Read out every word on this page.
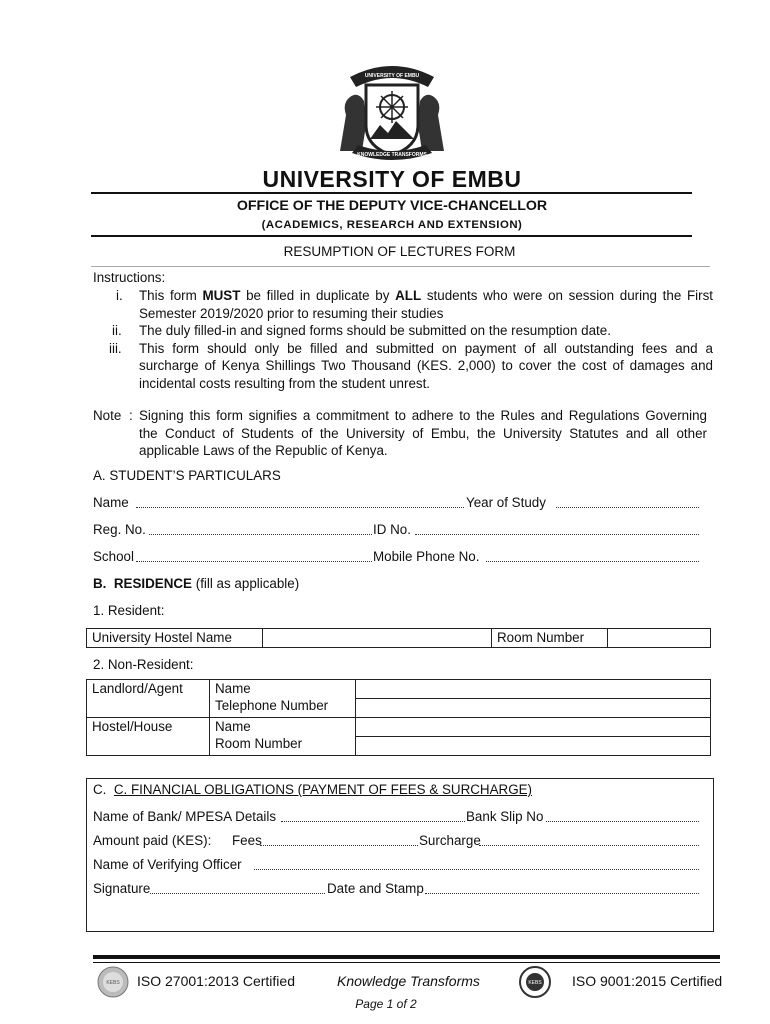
UNIVERSITY OF EMBU
KNOWLEDGE TRANSFORMS
UNIVERSITY OF EMBU
OFFICE OF THE DEPUTY VICE-CHANCELLOR
(ACADEMICS, RESEARCH AND EXTENSION)
RESUMPTION OF LECTURES FORM
Instructions:
i. This form MUST be filled in duplicate by ALL students who were on session during the First
Semester 2019/2020 prior to resuming their studies
ii. The duly filled-in and signed forms should be submitted on the resumption date.
iii. This form should only be filled and submitted on payment of all outstanding fees and a
surcharge of Kenya Shillings Two Thousand (KES. 2,000) to cover the cost of damages and
incidental costs resulting from the student unrest.
Note : Signing this form signifies a commitment to adhere to the Rules and Regulations Governing
the Conduct of Students of the University of Embu, the University Statutes and all other
applicable Laws of the Republic of Kenya.
A. STUDENT’S PARTICULARS
Name	Year of Study
Reg. No.	ID No.
School	Mobile Phone No.
B. RESIDENCE (fill as applicable)
1. Resident:
University Hostel Name		Room Number	
2. Non-Resident:
Landlord/Agent	Name
Telephone Number	

Hostel/House	Name
Room Number	

C. C. FINANCIAL OBLIGATIONS (PAYMENT OF FEES & SURCHARGE)
Name of Bank/ MPESA Details	Bank Slip No
Amount paid (KES): Fees	Surcharge
Name of Verifying Officer
Signature	Date and Stamp
KEBS ISO 27001:2013 Certified	Knowledge Transforms	KEBS ISO 9001:2015 Certified
Page 1 of 2
